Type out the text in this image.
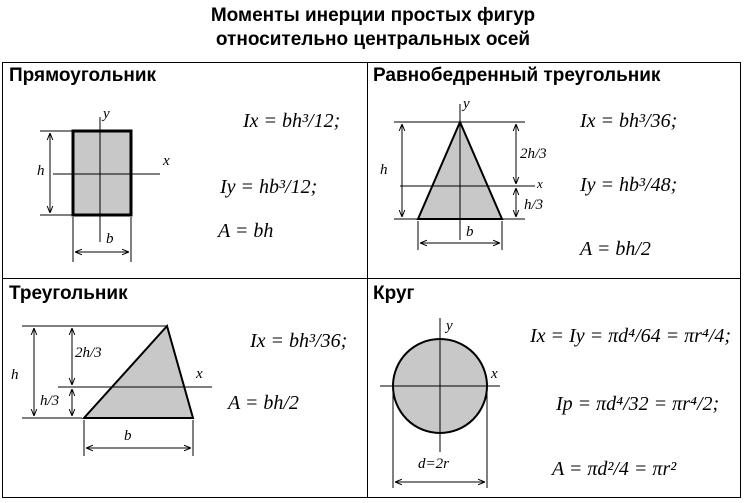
Моменты инерции простых фигур
относительно центральных осей
Прямоугольник	Равнобедренный треугольник
Треугольник	Круг
y
x
h
b
y
x
h
2h/3
h/3
b
x
h
2h/3
h/3
b
y
x
d=2r
Ix = bh³/12;
Iy = hb³/12;
A = bh
Ix = bh³/36;
Iy = hb³/48;
A = bh/2
Ix = bh³/36;
A = bh/2
Ix = Iy = πd⁴/64 = πr⁴/4;
Ip = πd⁴/32 = πr⁴/2;
A = πd²/4 = πr²
